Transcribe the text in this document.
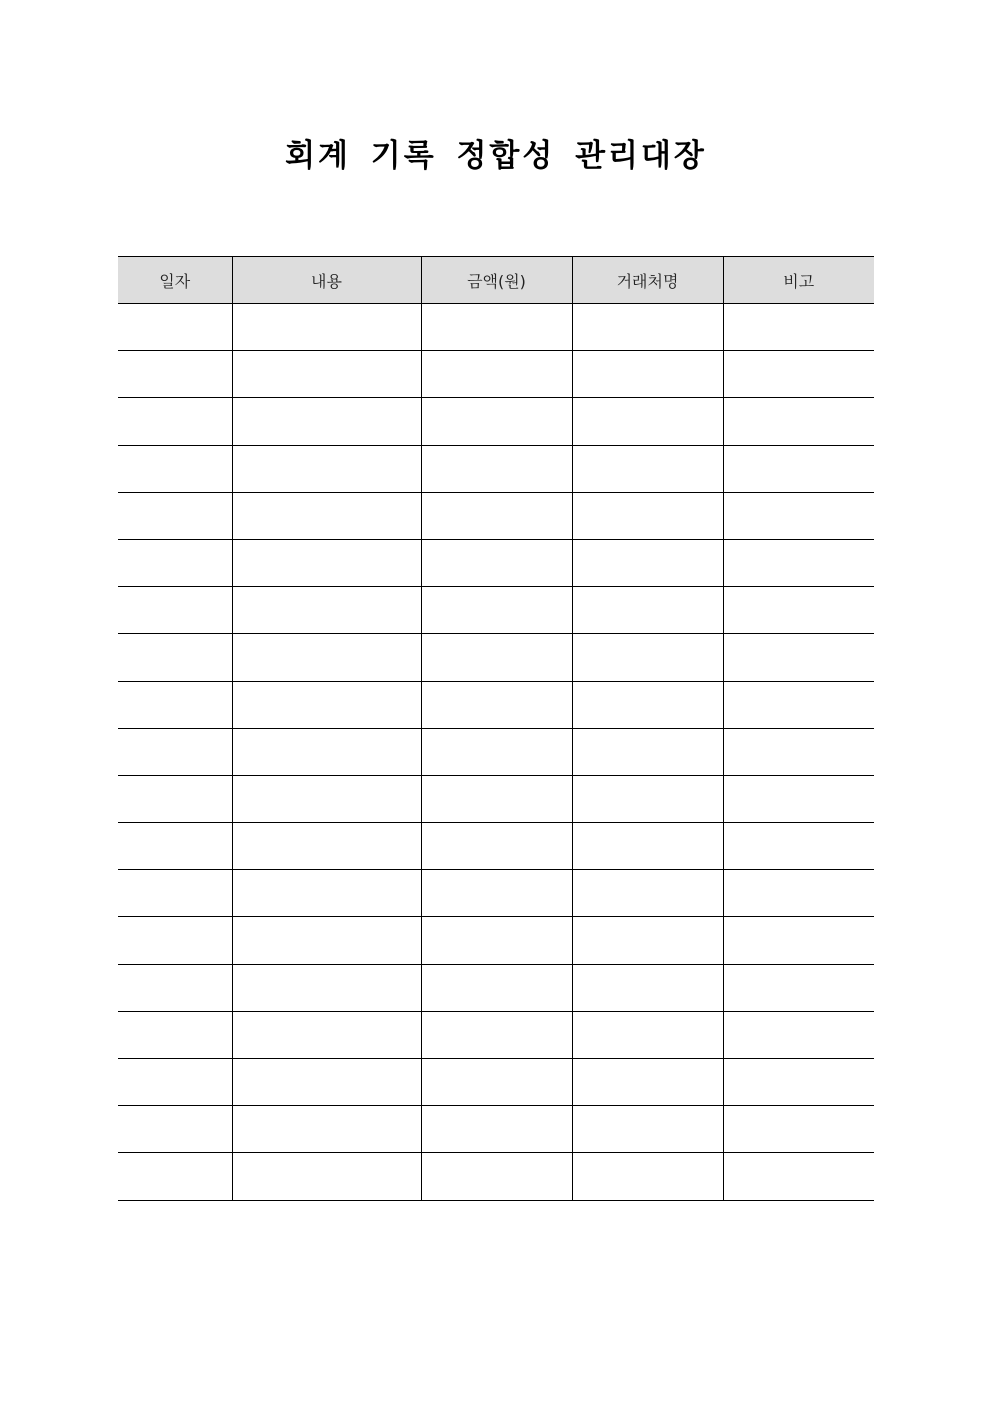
회계 기록 정합성 관리대장
일자	내용	금액(원)	거래처명	비고
